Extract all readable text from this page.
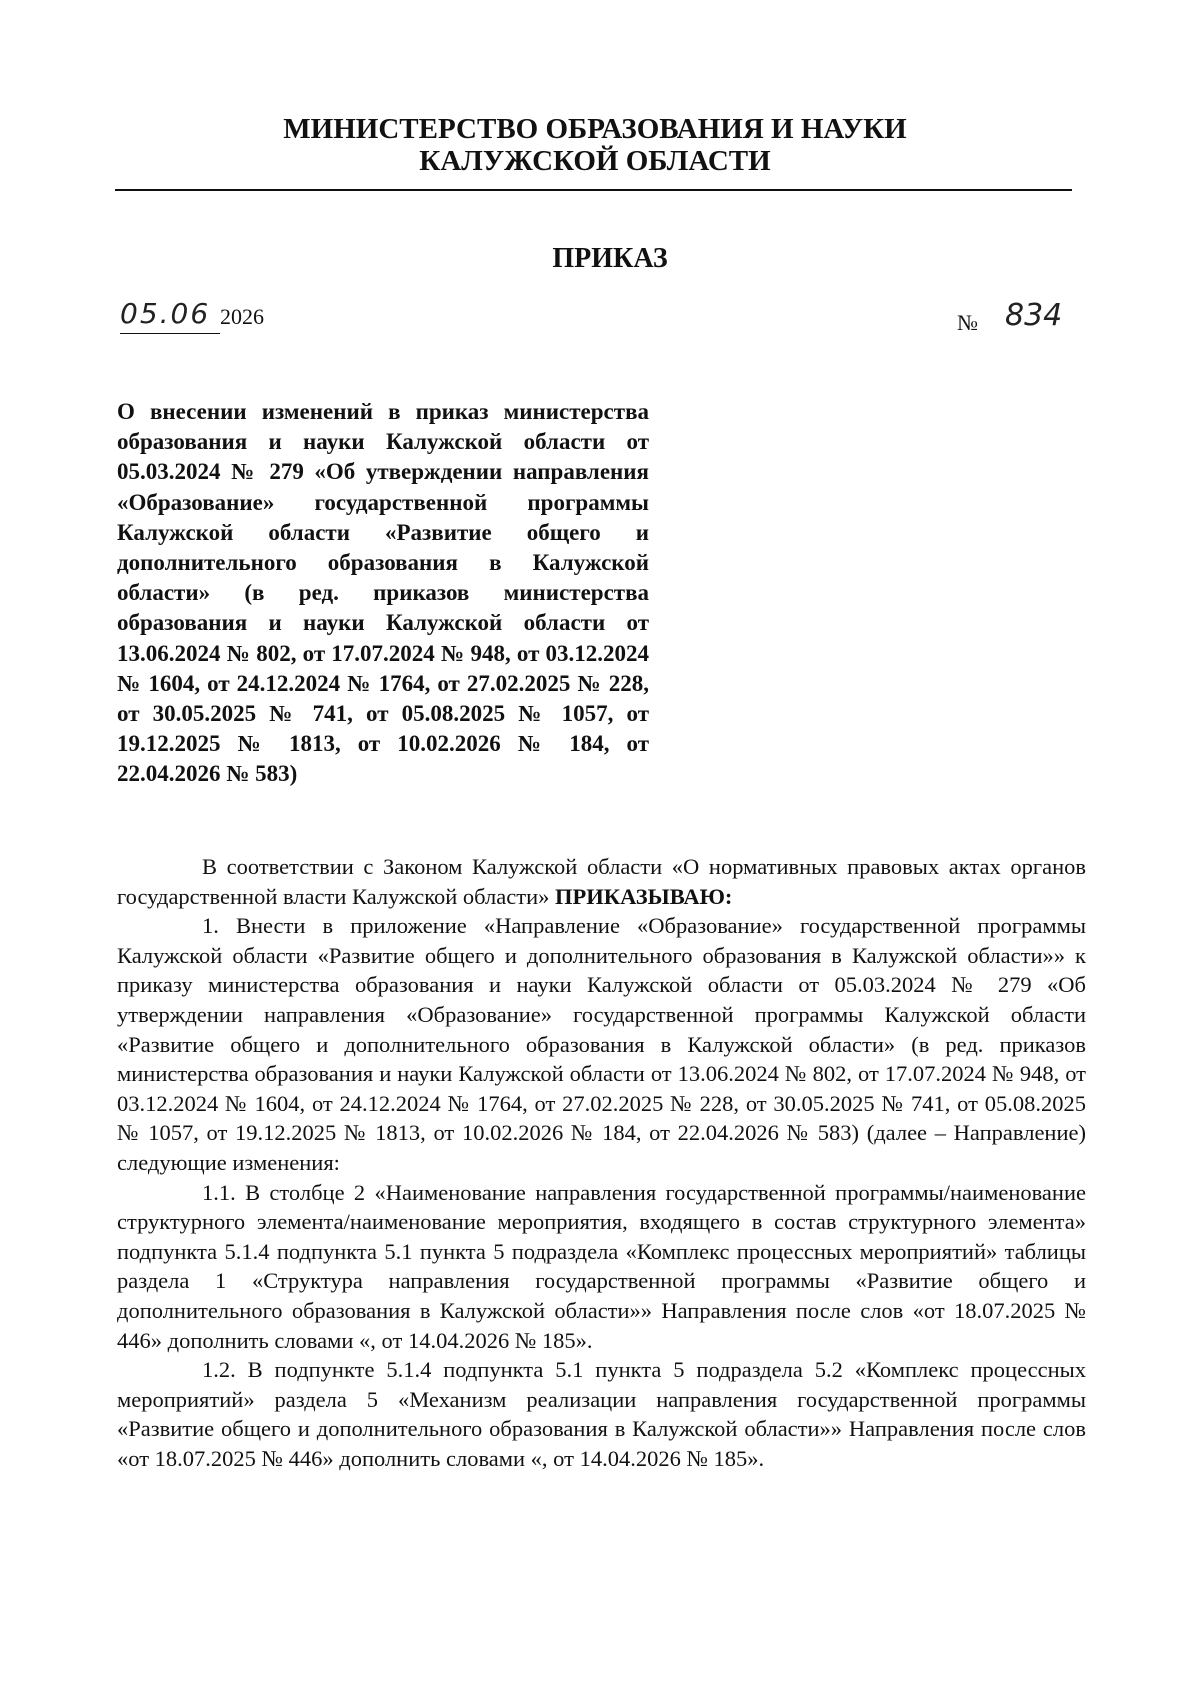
МИНИСТЕРСТВО ОБРАЗОВАНИЯ И НАУКИ
КАЛУЖСКОЙ ОБЛАСТИ
ПРИКАЗ
05.06 2026	№ 834
О внесении изменений в приказ министерства образования и науки Калужской области от 05.03.2024 № 279 «Об утверждении направления «Образование» государственной программы Калужской области «Развитие общего и дополнительного образования в Калужской области» (в ред. приказов министерства образования и науки Калужской области от 13.06.2024 № 802, от 17.07.2024 № 948, от 03.12.2024 № 1604, от 24.12.2024 № 1764, от 27.02.2025 № 228, от 30.05.2025 № 741, от 05.08.2025 № 1057, от 19.12.2025 № 1813, от 10.02.2026 № 184, от 22.04.2026 № 583)

В соответствии с Законом Калужской области «О нормативных правовых актах органов государственной власти Калужской области» ПРИКАЗЫВАЮ:

1. Внести в приложение «Направление «Образование» государственной программы Калужской области «Развитие общего и дополнительного образования в Калужской области»» к приказу министерства образования и науки Калужской области от 05.03.2024 № 279 «Об утверждении направления «Образование» государственной программы Калужской области «Развитие общего и дополнительного образования в Калужской области» (в ред. приказов министерства образования и науки Калужской области от 13.06.2024 № 802, от 17.07.2024 № 948, от 03.12.2024 № 1604, от 24.12.2024 № 1764, от 27.02.2025 № 228, от 30.05.2025 № 741, от 05.08.2025 № 1057, от 19.12.2025 № 1813, от 10.02.2026 № 184, от 22.04.2026 № 583) (далее – Направление) следующие изменения:

1.1. В столбце 2 «Наименование направления государственной программы/наименование структурного элемента/наименование мероприятия, входящего в состав структурного элемента» подпункта 5.1.4 подпункта 5.1 пункта 5 подраздела «Комплекс процессных мероприятий» таблицы раздела 1 «Структура направления государственной программы «Развитие общего и дополнительного образования в Калужской области»» Направления после слов «от 18.07.2025 № 446» дополнить словами «, от 14.04.2026 № 185».

1.2. В подпункте 5.1.4 подпункта 5.1 пункта 5 подраздела 5.2 «Комплекс процессных мероприятий» раздела 5 «Механизм реализации направления государственной программы «Развитие общего и дополнительного образования в Калужской области»» Направления после слов «от 18.07.2025 № 446» дополнить словами «, от 14.04.2026 № 185».
